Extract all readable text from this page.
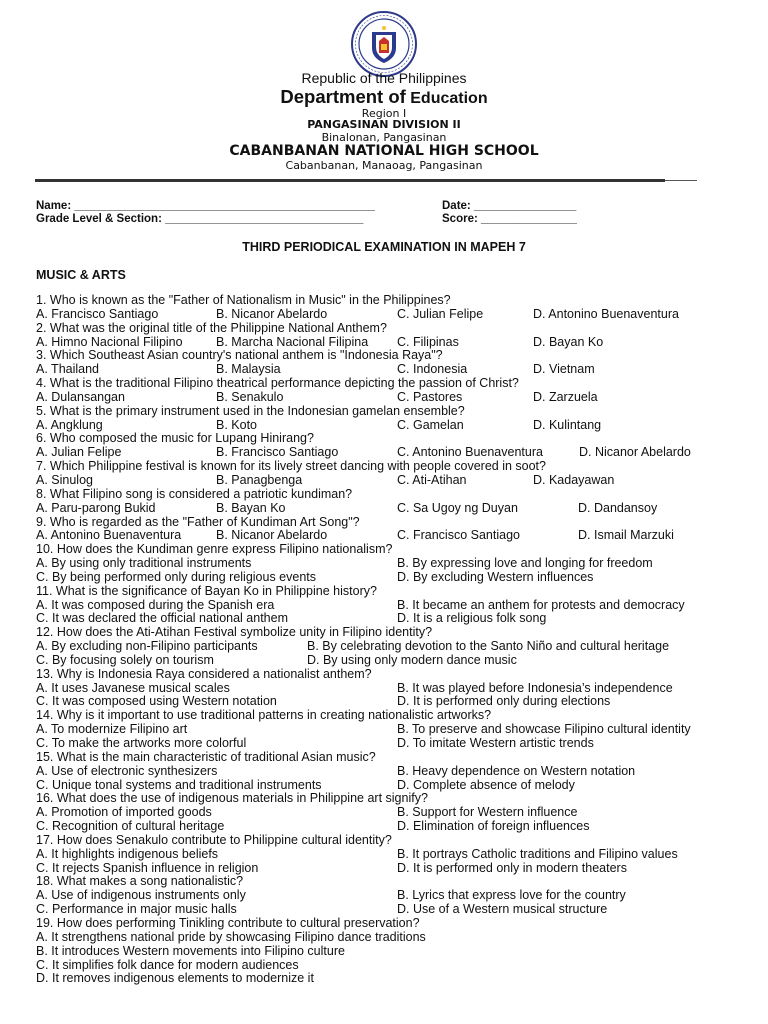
Republic of the Philippines
Department of Education
Region I
PANGASINAN DIVISION II
Binalonan, Pangasinan
CABANBANAN NATIONAL HIGH SCHOOL
Cabanbanan, Manaoag, Pangasinan
Name: _______________________________________________
Grade Level & Section: _______________________________
Date: ________________
Score: _______________
THIRD PERIODICAL EXAMINATION IN MAPEH 7
MUSIC & ARTS
1. Who is known as the "Father of Nationalism in Music" in the Philippines?
A. Francisco Santiago	B. Nicanor Abelardo	C. Julian Felipe	D. Antonino Buenaventura
2. What was the original title of the Philippine National Anthem?
A. Himno Nacional Filipino	B. Marcha Nacional Filipina C. Filipinas	D. Bayan Ko
3. Which Southeast Asian country's national anthem is "Indonesia Raya"?
A. Thailand	B. Malaysia	C. Indonesia	D. Vietnam
4. What is the traditional Filipino theatrical performance depicting the passion of Christ?
A. Dulansangan	B. Senakulo	C. Pastores	D. Zarzuela
5. What is the primary instrument used in the Indonesian gamelan ensemble?
A. Angklung	B. Koto	C. Gamelan	D. Kulintang
6. Who composed the music for Lupang Hinirang?
A. Julian Felipe	B. Francisco Santiago	C. Antonino Buenaventura	D. Nicanor Abelardo
7. Which Philippine festival is known for its lively street dancing with people covered in soot?
A. Sinulog	B. Panagbenga	C. Ati-Atihan	D. Kadayawan
8. What Filipino song is considered a patriotic kundiman?
A. Paru-parong Bukid	B. Bayan Ko	C. Sa Ugoy ng Duyan	D. Dandansoy
9. Who is regarded as the "Father of Kundiman Art Song"?
A. Antonino Buenaventura	B. Nicanor Abelardo	C. Francisco Santiago	D. Ismail Marzuki
10. How does the Kundiman genre express Filipino nationalism?
A. By using only traditional instruments	B. By expressing love and longing for freedom
C. By being performed only during religious events	D. By excluding Western influences
11. What is the significance of Bayan Ko in Philippine history?
A. It was composed during the Spanish era	B. It became an anthem for protests and democracy
C. It was declared the official national anthem	D. It is a religious folk song
12. How does the Ati-Atihan Festival symbolize unity in Filipino identity?
A. By excluding non-Filipino participants	B. By celebrating devotion to the Santo Niño and cultural heritage
C. By focusing solely on tourism	D. By using only modern dance music
13. Why is Indonesia Raya considered a nationalist anthem?
A. It uses Javanese musical scales	B. It was played before Indonesia’s independence
C. It was composed using Western notation	D. It is performed only during elections
14. Why is it important to use traditional patterns in creating nationalistic artworks?
A. To modernize Filipino art	B. To preserve and showcase Filipino cultural identity
C. To make the artworks more colorful	D. To imitate Western artistic trends
15. What is the main characteristic of traditional Asian music?
A. Use of electronic synthesizers	B. Heavy dependence on Western notation
C. Unique tonal systems and traditional instruments	D. Complete absence of melody
16. What does the use of indigenous materials in Philippine art signify?
A. Promotion of imported goods	B. Support for Western influence
C. Recognition of cultural heritage	D. Elimination of foreign influences
17. How does Senakulo contribute to Philippine cultural identity?
A. It highlights indigenous beliefs	B. It portrays Catholic traditions and Filipino values
C. It rejects Spanish influence in religion	D. It is performed only in modern theaters
18. What makes a song nationalistic?
A. Use of indigenous instruments only	B. Lyrics that express love for the country
C. Performance in major music halls	D. Use of a Western musical structure
19. How does performing Tinikling contribute to cultural preservation?
A. It strengthens national pride by showcasing Filipino dance traditions
B. It introduces Western movements into Filipino culture
C. It simplifies folk dance for modern audiences
D. It removes indigenous elements to modernize it
